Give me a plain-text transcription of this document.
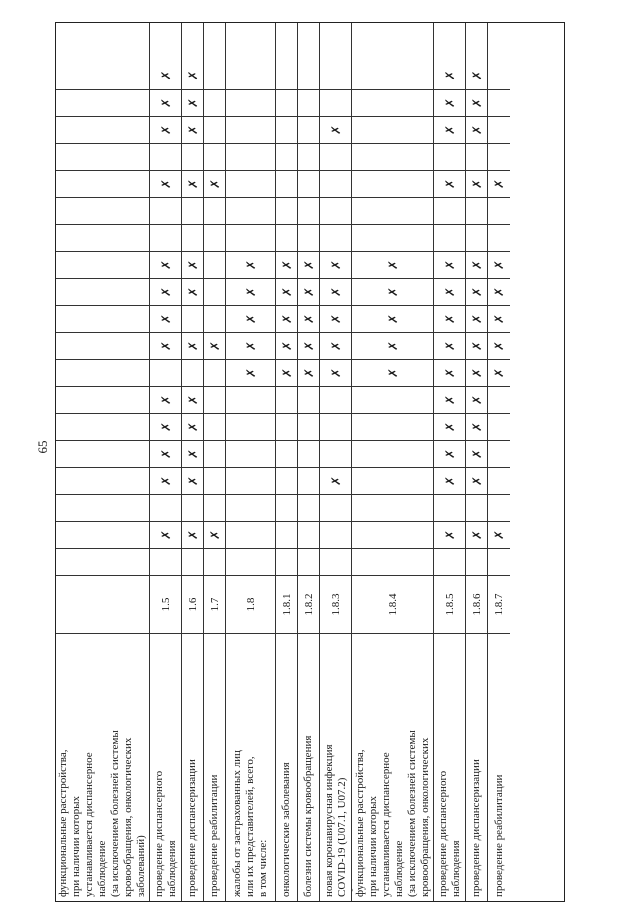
65
функциональные расстройства,
при наличии которых
устанавливается диспансерное
наблюдение
(за исключением болезней системы
кровообращения, онкологических
заболеваний) проведение диспансерного
наблюдения
1.5
✗
✗
✗
✗
✗
✗
✗
✗
✗
✗
✗
✗
✗
проведение диспансеризации
1.6
✗
✗
✗
✗
✗
✗
✗
✗
✗
✗
✗
✗
проведение реабилитации
1.7
✗
✗
✗
жалобы от застрахованных лиц
или их представителей, всего,
в том числе:
1.8
✗
✗
✗
✗
✗
онкологические заболевания
1.8.1
✗
✗
✗
✗
✗
болезни системы кровообращения
1.8.2
✗
✗
✗
✗
✗
новая коронавирусная инфекция
COVID-19 (U07.1, U07.2)
1.8.3
✗
✗
✗
✗
✗
✗
✗

функциональные расстройства,
при наличии которых
устанавливается диспансерное
наблюдение
(за исключением болезней системы
кровообращения, онкологических

1.8.4
✗
✗
✗
✗
✗
проведение диспансерного
наблюдения
1.8.5
✗
✗
✗
✗
✗
✗
✗
✗
✗
✗
✗
✗
✗
✗
проведение диспансеризации
1.8.6
✗
✗
✗
✗
✗
✗
✗
✗
✗
✗
✗
✗
✗
✗
проведение реабилитации
1.8.7
✗
✗
✗
✗
✗
✗
✗
